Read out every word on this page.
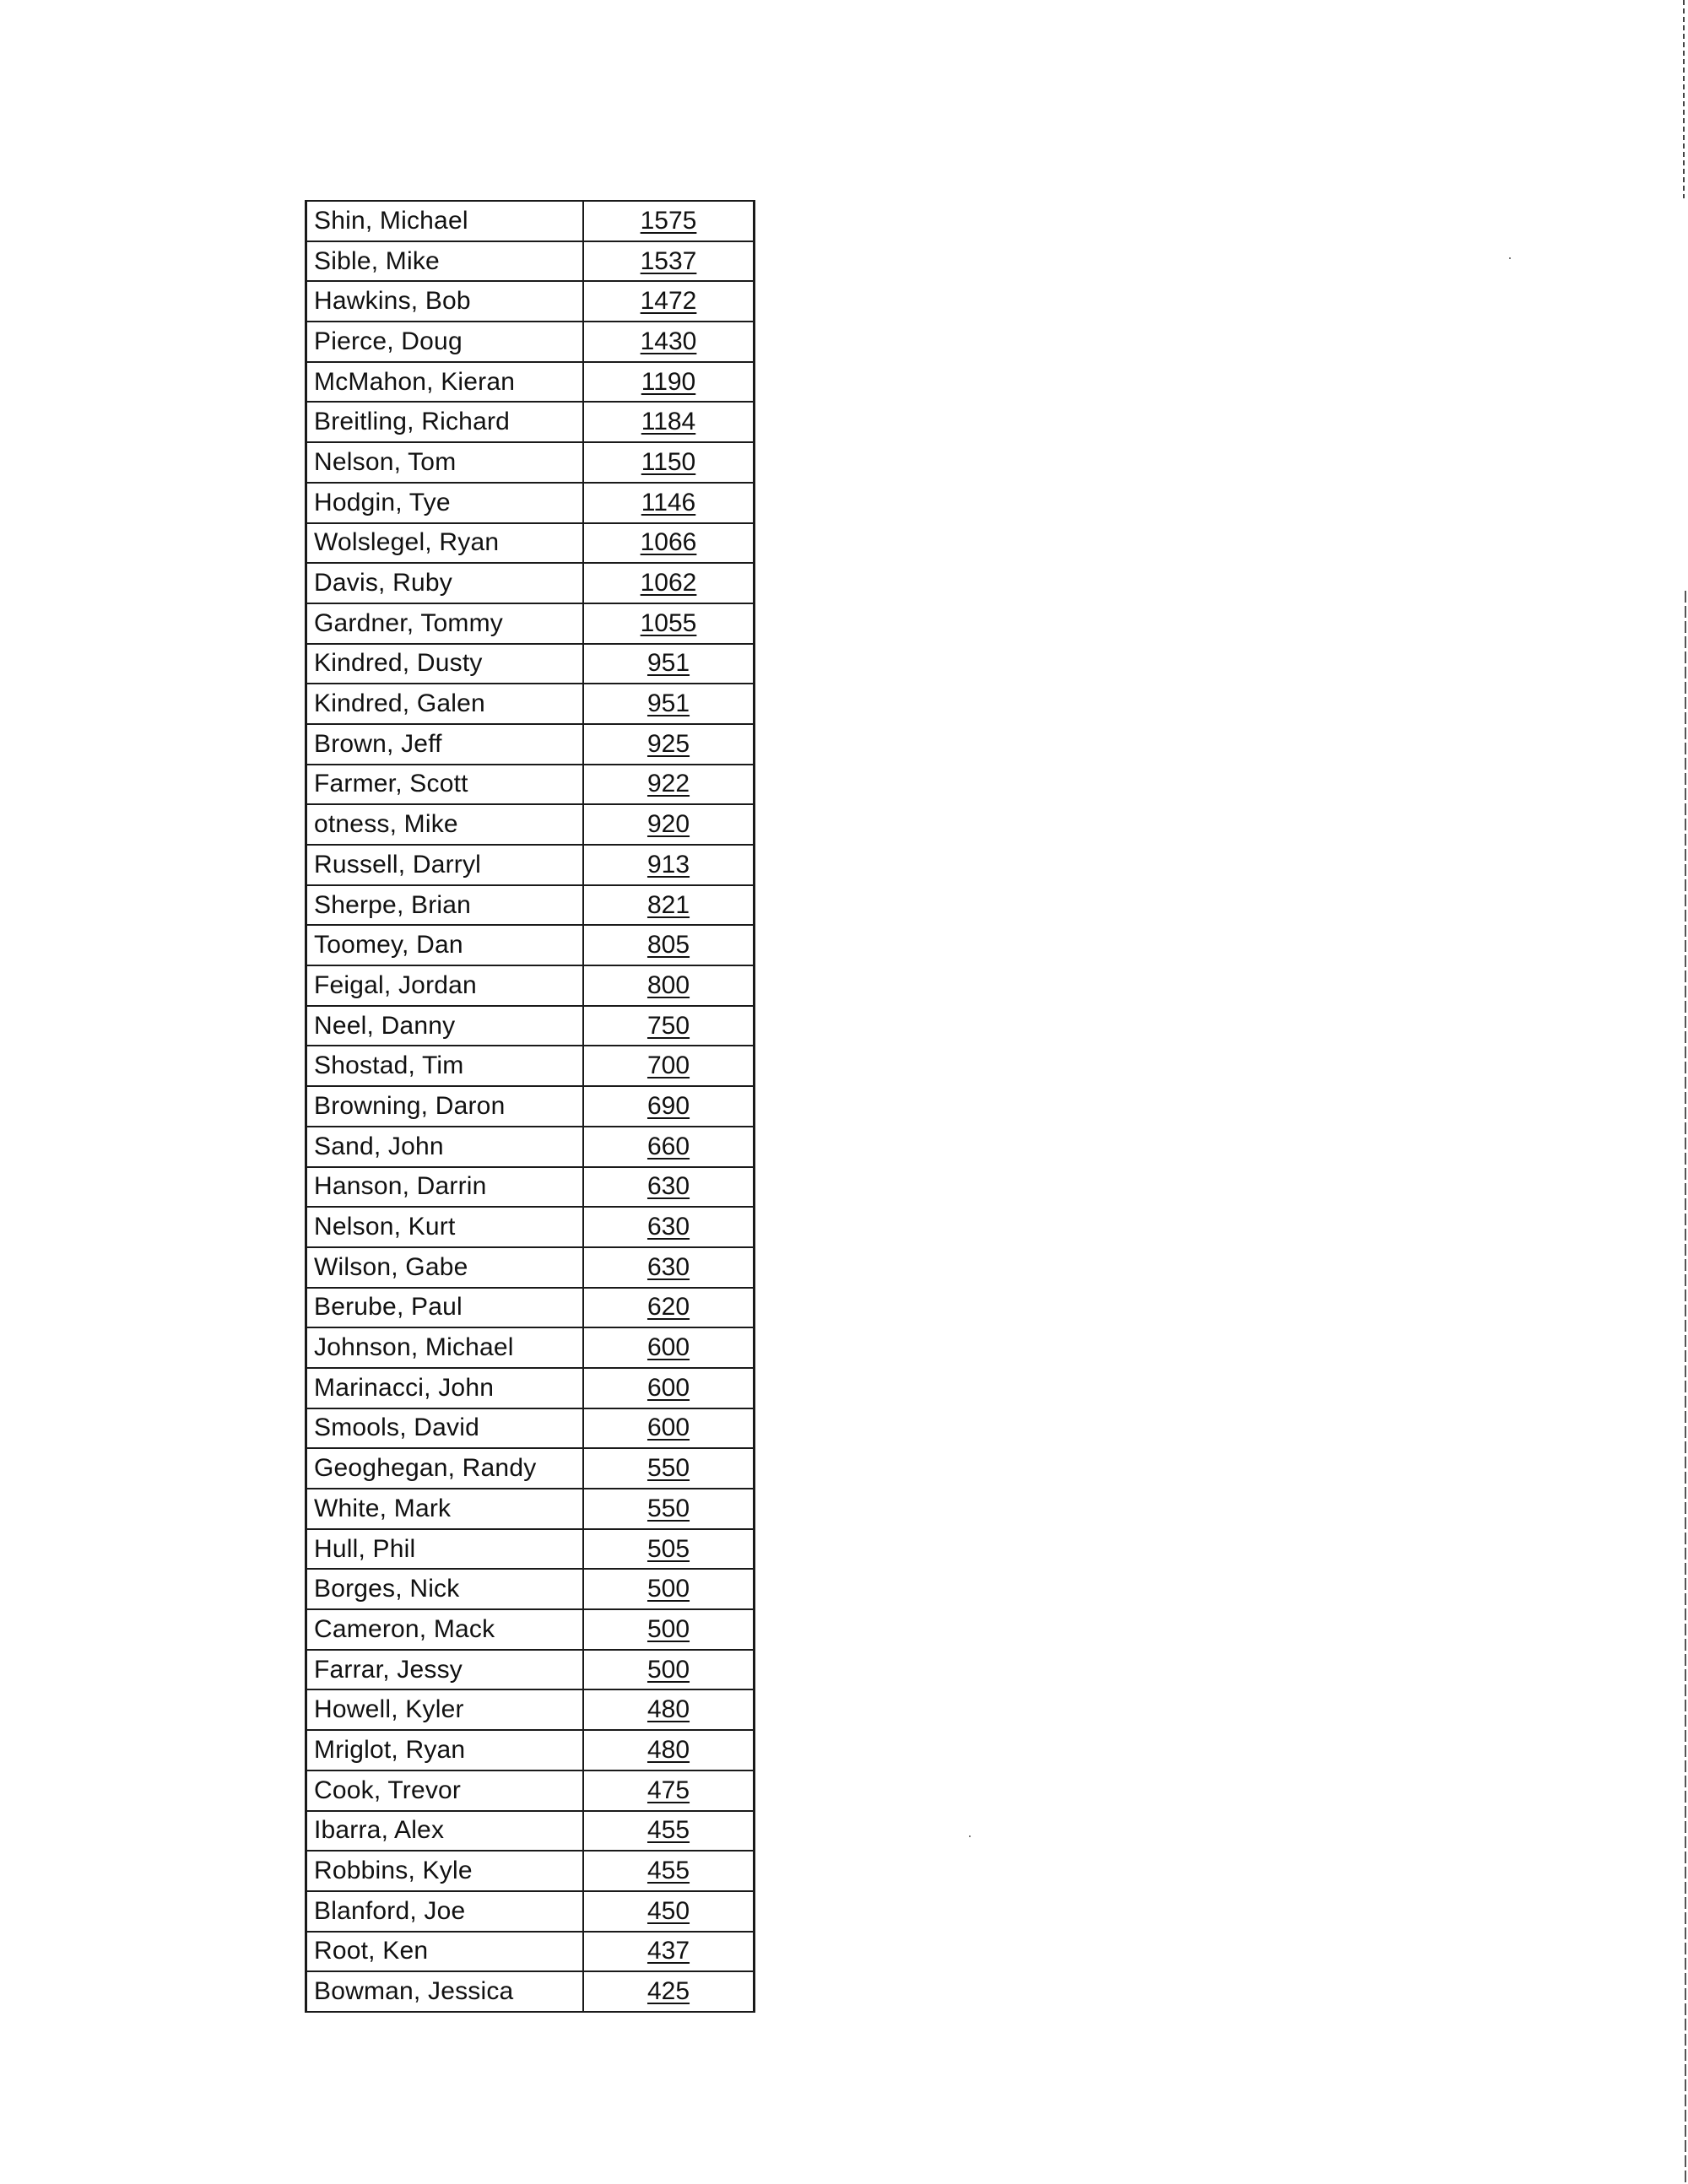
Shin, Michael	1575
Sible, Mike	1537
Hawkins, Bob	1472
Pierce, Doug	1430
McMahon, Kieran	1190
Breitling, Richard	1184
Nelson, Tom	1150
Hodgin, Tye	1146
Wolslegel, Ryan	1066
Davis, Ruby	1062
Gardner, Tommy	1055
Kindred, Dusty	951
Kindred, Galen	951
Brown, Jeff	925
Farmer, Scott	922
otness, Mike	920
Russell, Darryl	913
Sherpe, Brian	821
Toomey, Dan	805
Feigal, Jordan	800
Neel, Danny	750
Shostad, Tim	700
Browning, Daron	690
Sand, John	660
Hanson, Darrin	630
Nelson, Kurt	630
Wilson, Gabe	630
Berube, Paul	620
Johnson, Michael	600
Marinacci, John	600
Smools, David	600
Geoghegan, Randy	550
White, Mark	550
Hull, Phil	505
Borges, Nick	500
Cameron, Mack	500
Farrar, Jessy	500
Howell, Kyler	480
Mriglot, Ryan	480
Cook, Trevor	475
Ibarra, Alex	455
Robbins, Kyle	455
Blanford, Joe	450
Root, Ken	437
Bowman, Jessica	425
